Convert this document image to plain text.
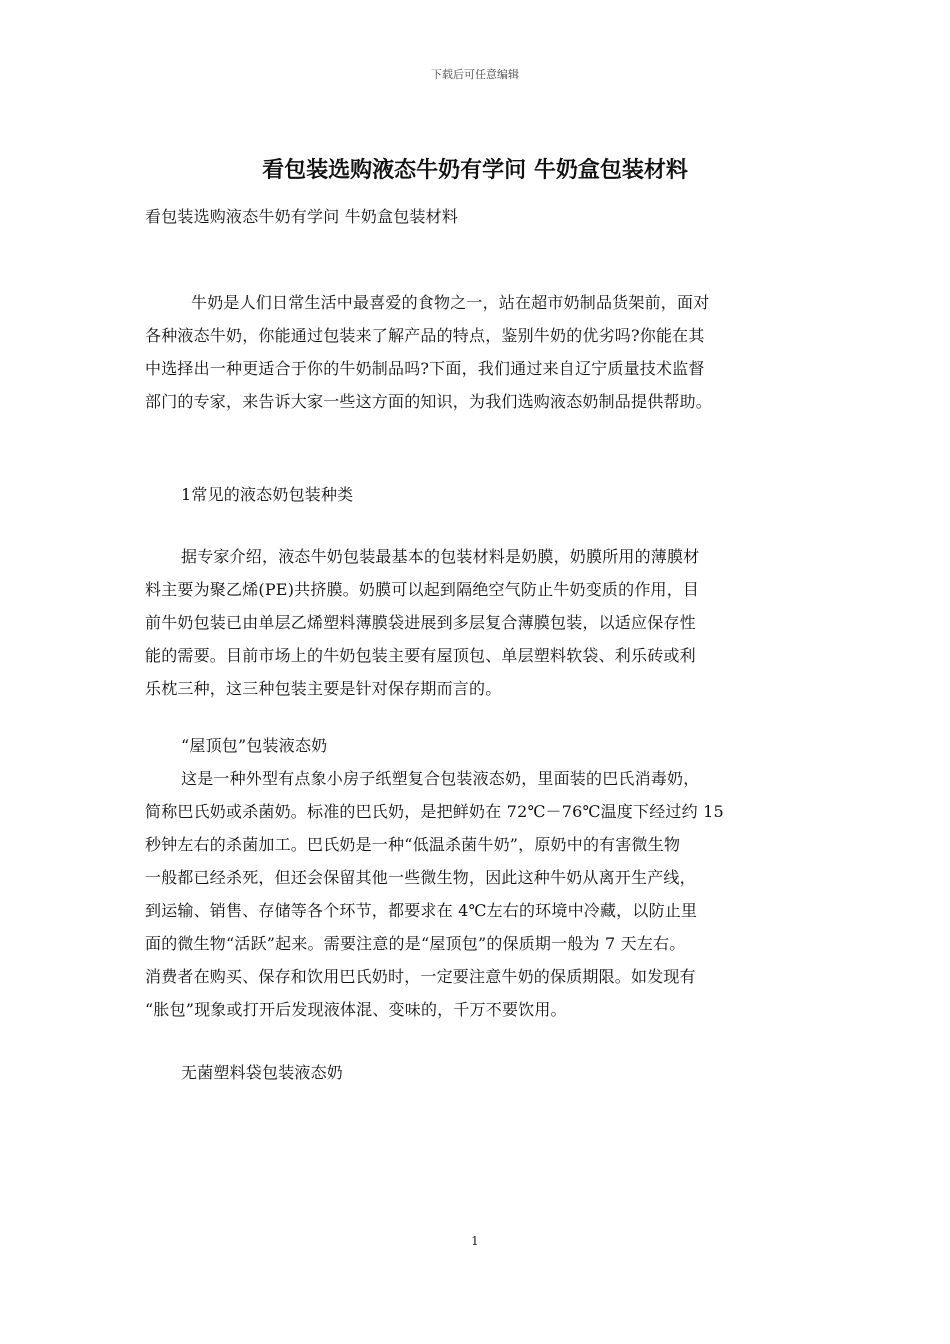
下载后可任意编辑
看包装选购液态牛奶有学问 牛奶盒包装材料
看包装选购液态牛奶有学问 牛奶盒包装材料
牛奶是人们日常生活中最喜爱的食物之一，站在超市奶制品货架前，面对
各种液态牛奶，你能通过包装来了解产品的特点，鉴别牛奶的优劣吗?你能在其
中选择出一种更适合于你的牛奶制品吗?下面，我们通过来自辽宁质量技术监督
部门的专家，来告诉大家一些这方面的知识，为我们选购液态奶制品提供帮助。
1常见的液态奶包装种类
据专家介绍，液态牛奶包装最基本的包装材料是奶膜，奶膜所用的薄膜材
料主要为聚乙烯(PE)共挤膜。奶膜可以起到隔绝空气防止牛奶变质的作用，目
前牛奶包装已由单层乙烯塑料薄膜袋进展到多层复合薄膜包装，以适应保存性
能的需要。目前市场上的牛奶包装主要有屋顶包、单层塑料软袋、利乐砖或利
乐枕三种，这三种包装主要是针对保存期而言的。
“屋顶包”包装液态奶
这是一种外型有点象小房子纸塑复合包装液态奶，里面装的巴氏消毒奶，
简称巴氏奶或杀菌奶。标准的巴氏奶，是把鲜奶在 72℃－76℃温度下经过约 15
秒钟左右的杀菌加工。巴氏奶是一种“低温杀菌牛奶”，原奶中的有害微生物
一般都已经杀死，但还会保留其他一些微生物，因此这种牛奶从离开生产线，
到运输、销售、存储等各个环节，都要求在 4℃左右的环境中冷藏，以防止里
面的微生物“活跃”起来。需要注意的是“屋顶包”的保质期一般为 7 天左右。
消费者在购买、保存和饮用巴氏奶时，一定要注意牛奶的保质期限。如发现有
“胀包”现象或打开后发现液体混、变味的，千万不要饮用。
无菌塑料袋包装液态奶
1
